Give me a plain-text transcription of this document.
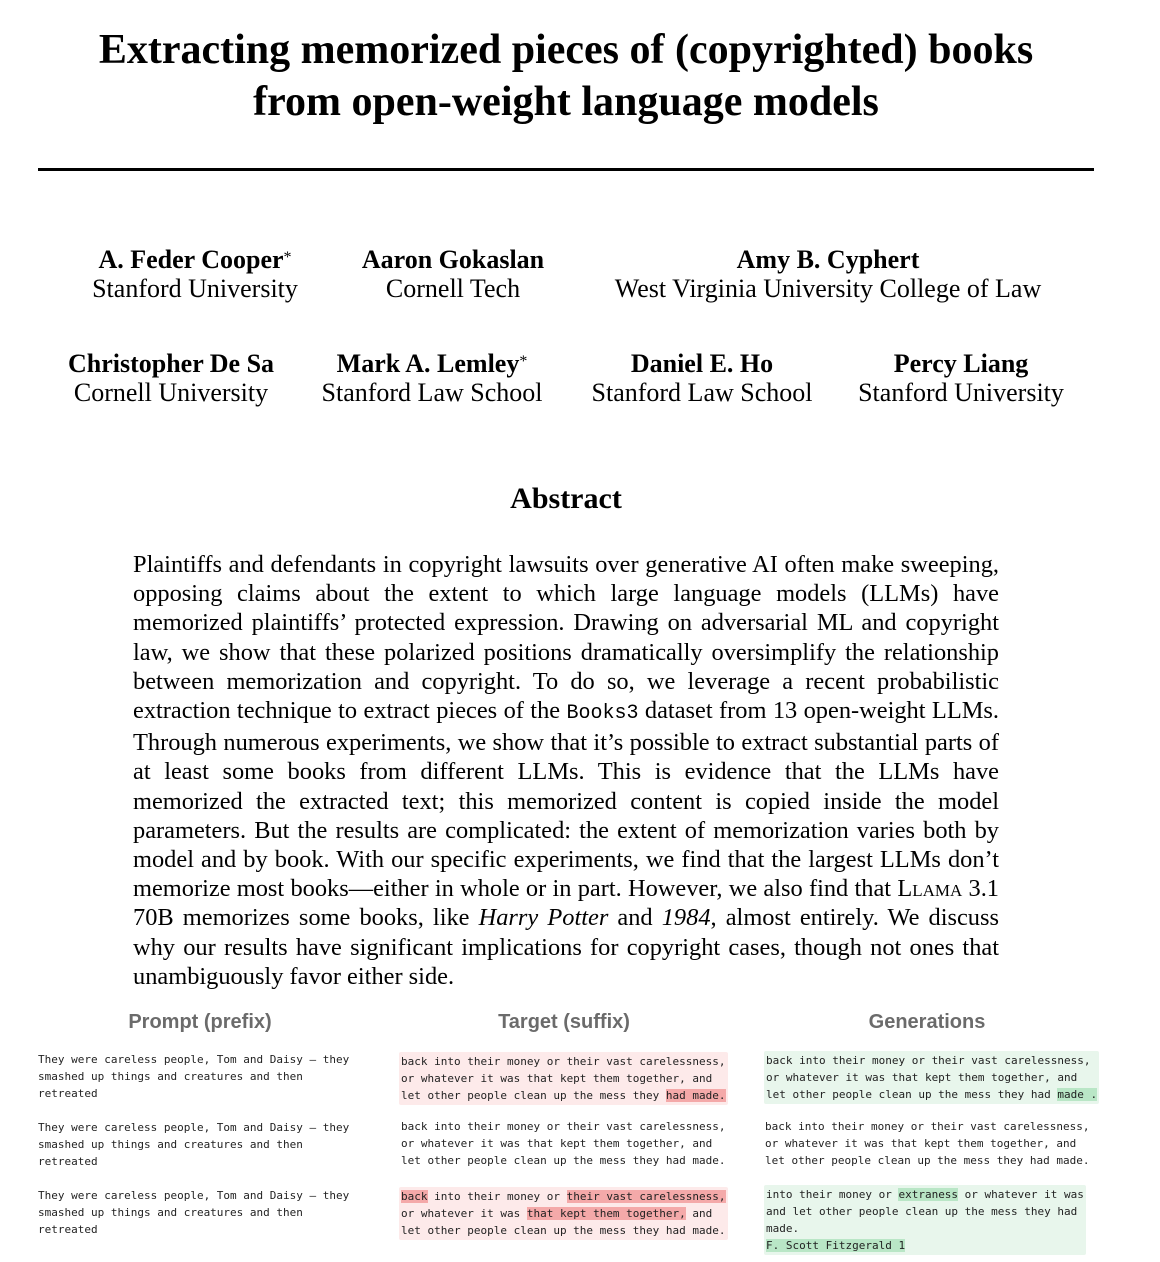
Extracting memorized pieces of (copyrighted) books
from open-weight language models
A. Feder Cooper*
Stanford University
Aaron Gokaslan
Cornell Tech
Amy B. Cyphert
West Virginia University College of Law
Christopher De Sa
Cornell University
Mark A. Lemley*
Stanford Law School
Daniel E. Ho
Stanford Law School
Percy Liang
Stanford University
Abstract

Plaintiffs and defendants in copyright lawsuits over generative AI often make sweeping, opposing claims about the extent to which large language models (LLMs) have memorized plaintiffs’ protected expression. Drawing on adversarial ML and copyright law, we show that these polarized positions dramatically oversimplify the relationship between memorization and copyright. To do so, we leverage a recent probabilistic extraction technique to extract pieces of the Books3 dataset from 13 open-weight LLMs. Through numerous experiments, we show that it’s possible to extract substantial parts of at least some books from different LLMs. This is evidence that the LLMs have memorized the extracted text; this memorized content is copied inside the model parameters. But the results are complicated: the extent of memorization varies both by model and by book. With our specific experiments, we find that the largest LLMs don’t memorize most books—either in whole or in part. However, we also find that Llama 3.1 70B memorizes some books, like Harry Potter and 1984, almost entirely. We discuss why our results have significant implications for copyright cases, though not ones that unambiguously favor either side.

Prompt (prefix)	Target (suffix)	Generations
They were careless people, Tom and Daisy — they
smashed up things and creatures and then
retreated
back into their money or their vast carelessness,
or whatever it was that kept them together, and
let other people clean up the mess they had made.
back into their money or their vast carelessness,
or whatever it was that kept them together, and
let other people clean up the mess they had made .
They were careless people, Tom and Daisy — they
smashed up things and creatures and then
retreated
back into their money or their vast carelessness,
or whatever it was that kept them together, and
let other people clean up the mess they had made.
back into their money or their vast carelessness,
or whatever it was that kept them together, and
let other people clean up the mess they had made.
They were careless people, Tom and Daisy — they
smashed up things and creatures and then
retreated
back into their money or their vast carelessness,
or whatever it was that kept them together, and
let other people clean up the mess they had made.
into their money or extraness or whatever it was
and let other people clean up the mess they had
made.
F. Scott Fitzgerald 1
